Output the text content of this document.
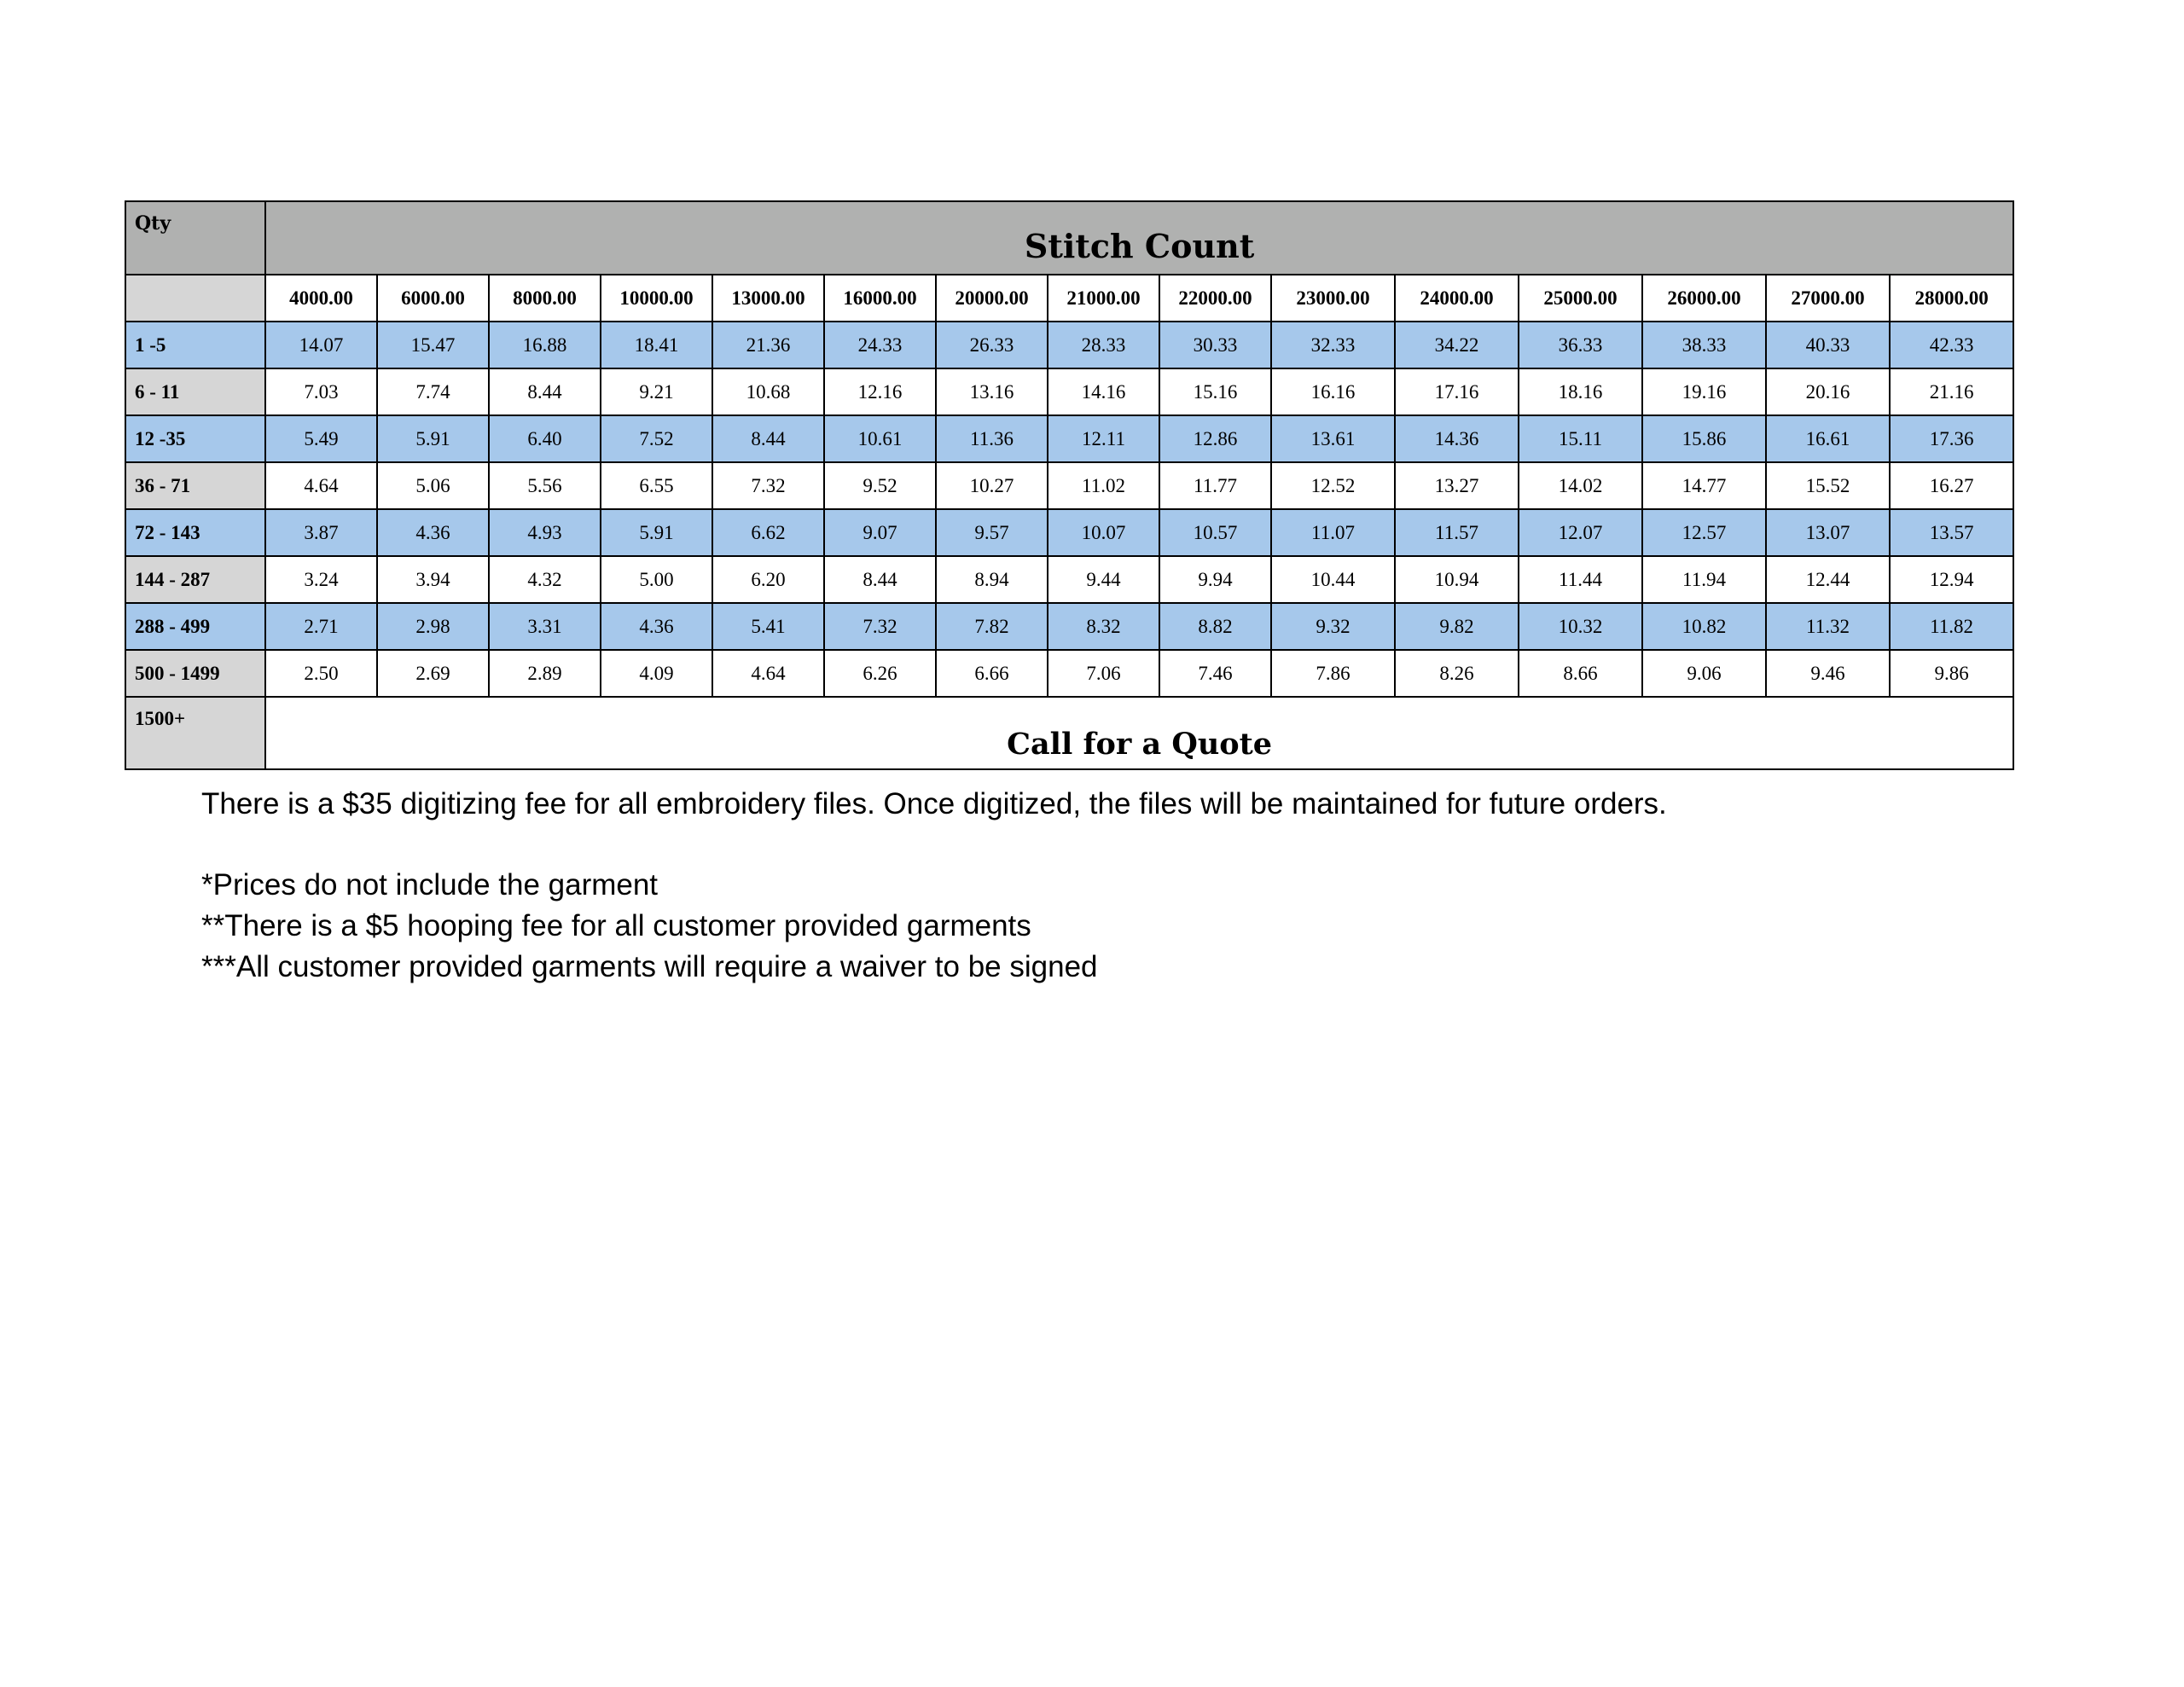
Qty	Stitch Count														
	4000.00	6000.00	8000.00	10000.00	13000.00	16000.00	20000.00	21000.00	22000.00	23000.00	24000.00	25000.00	26000.00	27000.00	28000.00
1 -5	14.07	15.47	16.88	18.41	21.36	24.33	26.33	28.33	30.33	32.33	34.22	36.33	38.33	40.33	42.33
6 - 11	7.03	7.74	8.44	9.21	10.68	12.16	13.16	14.16	15.16	16.16	17.16	18.16	19.16	20.16	21.16
12 -35	5.49	5.91	6.40	7.52	8.44	10.61	11.36	12.11	12.86	13.61	14.36	15.11	15.86	16.61	17.36
36 - 71	4.64	5.06	5.56	6.55	7.32	9.52	10.27	11.02	11.77	12.52	13.27	14.02	14.77	15.52	16.27
72 - 143	3.87	4.36	4.93	5.91	6.62	9.07	9.57	10.07	10.57	11.07	11.57	12.07	12.57	13.07	13.57
144 - 287	3.24	3.94	4.32	5.00	6.20	8.44	8.94	9.44	9.94	10.44	10.94	11.44	11.94	12.44	12.94
288 - 499	2.71	2.98	3.31	4.36	5.41	7.32	7.82	8.32	8.82	9.32	9.82	10.32	10.82	11.32	11.82
500 - 1499	2.50	2.69	2.89	4.09	4.64	6.26	6.66	7.06	7.46	7.86	8.26	8.66	9.06	9.46	9.86
1500+	Call for a Quote														

There is a $35 digitizing fee for all embroidery files. Once digitized, the files will be maintained for future orders.

*Prices do not include the garment

**There is a $5 hooping fee for all customer provided garments

***All customer provided garments will require a waiver to be signed
